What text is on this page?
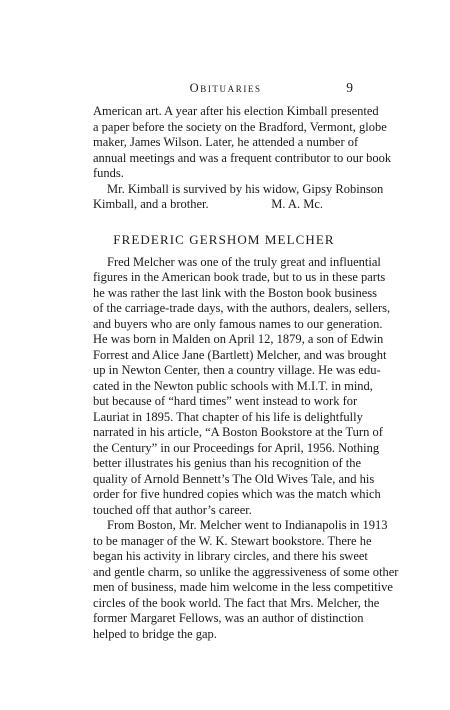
Obituaries	9
American art. A year after his election Kimball presented
a paper before the society on the Bradford, Vermont, globe
maker, James Wilson. Later, he attended a number of
annual meetings and was a frequent contributor to our book
funds.
Mr. Kimball is survived by his widow, Gipsy Robinson
Kimball, and a brother.	M. A. Mc.
FREDERIC GERSHOM MELCHER
Fred Melcher was one of the truly great and influential
figures in the American book trade, but to us in these parts
he was rather the last link with the Boston book business
of the carriage-trade days, with the authors, dealers, sellers,
and buyers who are only famous names to our generation.
He was born in Malden on April 12, 1879, a son of Edwin
Forrest and Alice Jane (Bartlett) Melcher, and was brought
up in Newton Center, then a country village. He was edu-
cated in the Newton public schools with M.I.T. in mind,
but because of “hard times” went instead to work for
Lauriat in 1895. That chapter of his life is delightfully
narrated in his article, “A Boston Bookstore at the Turn of
the Century” in our Proceedings for April, 1956. Nothing
better illustrates his genius than his recognition of the
quality of Arnold Bennett’s The Old Wives Tale, and his
order for five hundred copies which was the match which
touched off that author’s career.
From Boston, Mr. Melcher went to Indianapolis in 1913
to be manager of the W. K. Stewart bookstore. There he
began his activity in library circles, and there his sweet
and gentle charm, so unlike the aggressiveness of some other
men of business, made him welcome in the less competitive
circles of the book world. The fact that Mrs. Melcher, the
former Margaret Fellows, was an author of distinction
helped to bridge the gap.
